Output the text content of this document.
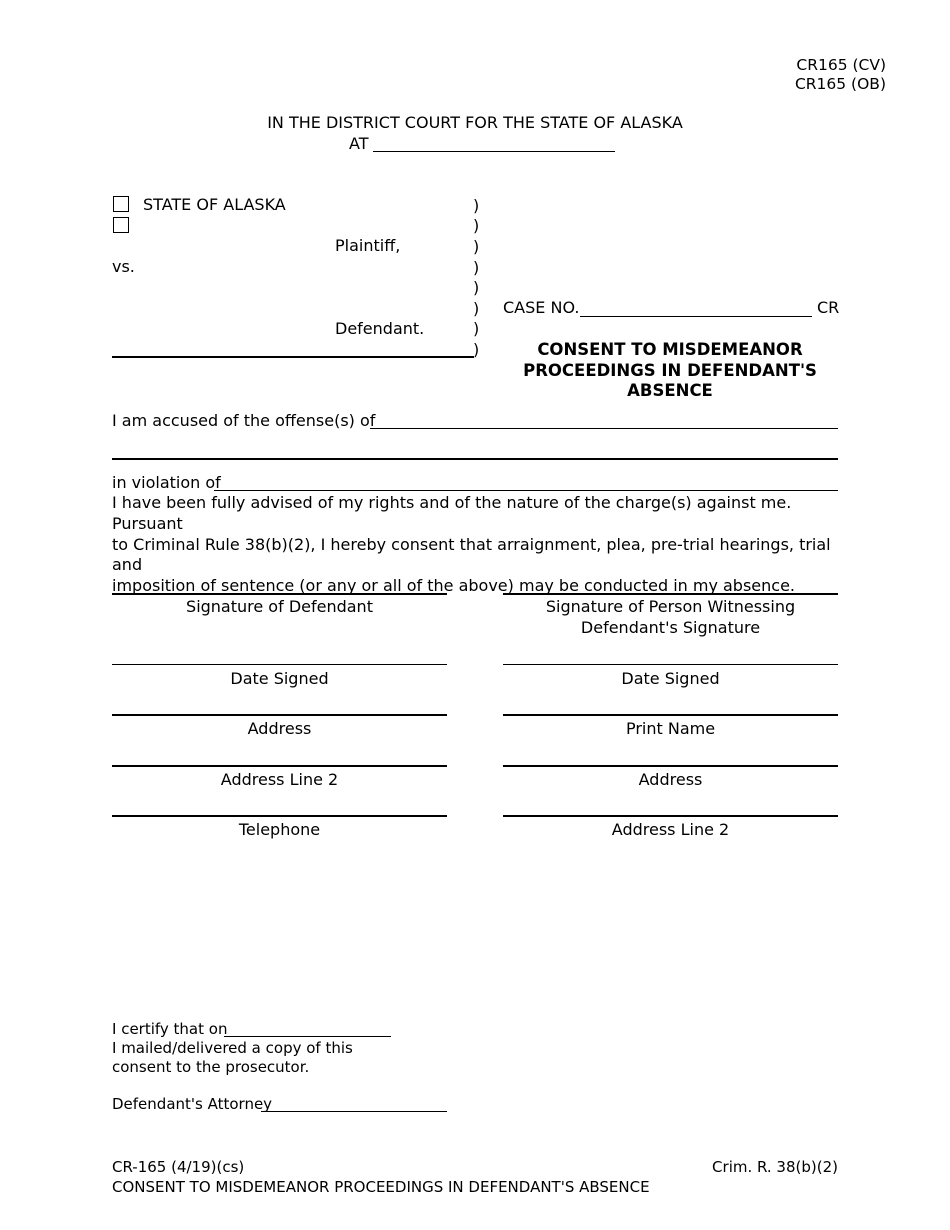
CR165 (CV)
CR165 (OB)
IN THE DISTRICT COURT FOR THE STATE OF ALASKA
AT
STATE OF ALASKA
Plaintiff,
vs.
Defendant.
)
)
)
)
)
)
)
)
CASE NO.	CR
CONSENT TO MISDEMEANOR
PROCEEDINGS IN DEFENDANT'S
ABSENCE
I am accused of the offense(s) of
in violation of
I have been fully advised of my rights and of the nature of the charge(s) against me. Pursuant
to Criminal Rule 38(b)(2), I hereby consent that arraignment, plea, pre-trial hearings, trial and
imposition of sentence (or any or all of the above) may be conducted in my absence.
Signature of Defendant
Date Signed
Address
Address Line 2
Telephone
Signature of Person Witnessing
Defendant's Signature
Date Signed
Print Name
Address
Address Line 2
I certify that on
I mailed/delivered a copy of this
consent to the prosecutor.
Defendant's Attorney
CR-165 (4/19)(cs)
CONSENT TO MISDEMEANOR PROCEEDINGS IN DEFENDANT'S ABSENCE
Crim. R. 38(b)(2)
